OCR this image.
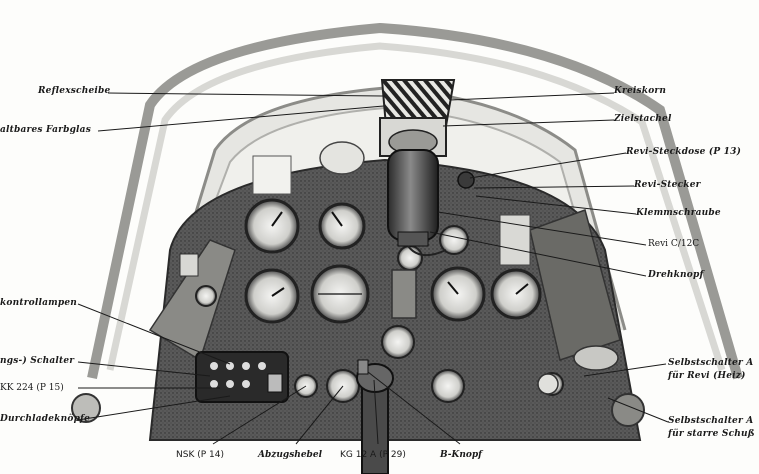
Reflexscheibe
altbares Farbglas
kontrollampen
ngs-) Schalter
KK 224 (P 15)
Durchladeknöpfe
Kreiskorn
Zielstachel
Revi-Steckdose (P 13)
Revi-Stecker
Klemmschraube
Revi C/12C
Drehknopf
Selbstschalter A
für Revi (Heiz)
Selbstschalter A
für starre Schuß
NSK (P 14)	Abzugshebel KG 12 A (P 29)	B-Knopf
